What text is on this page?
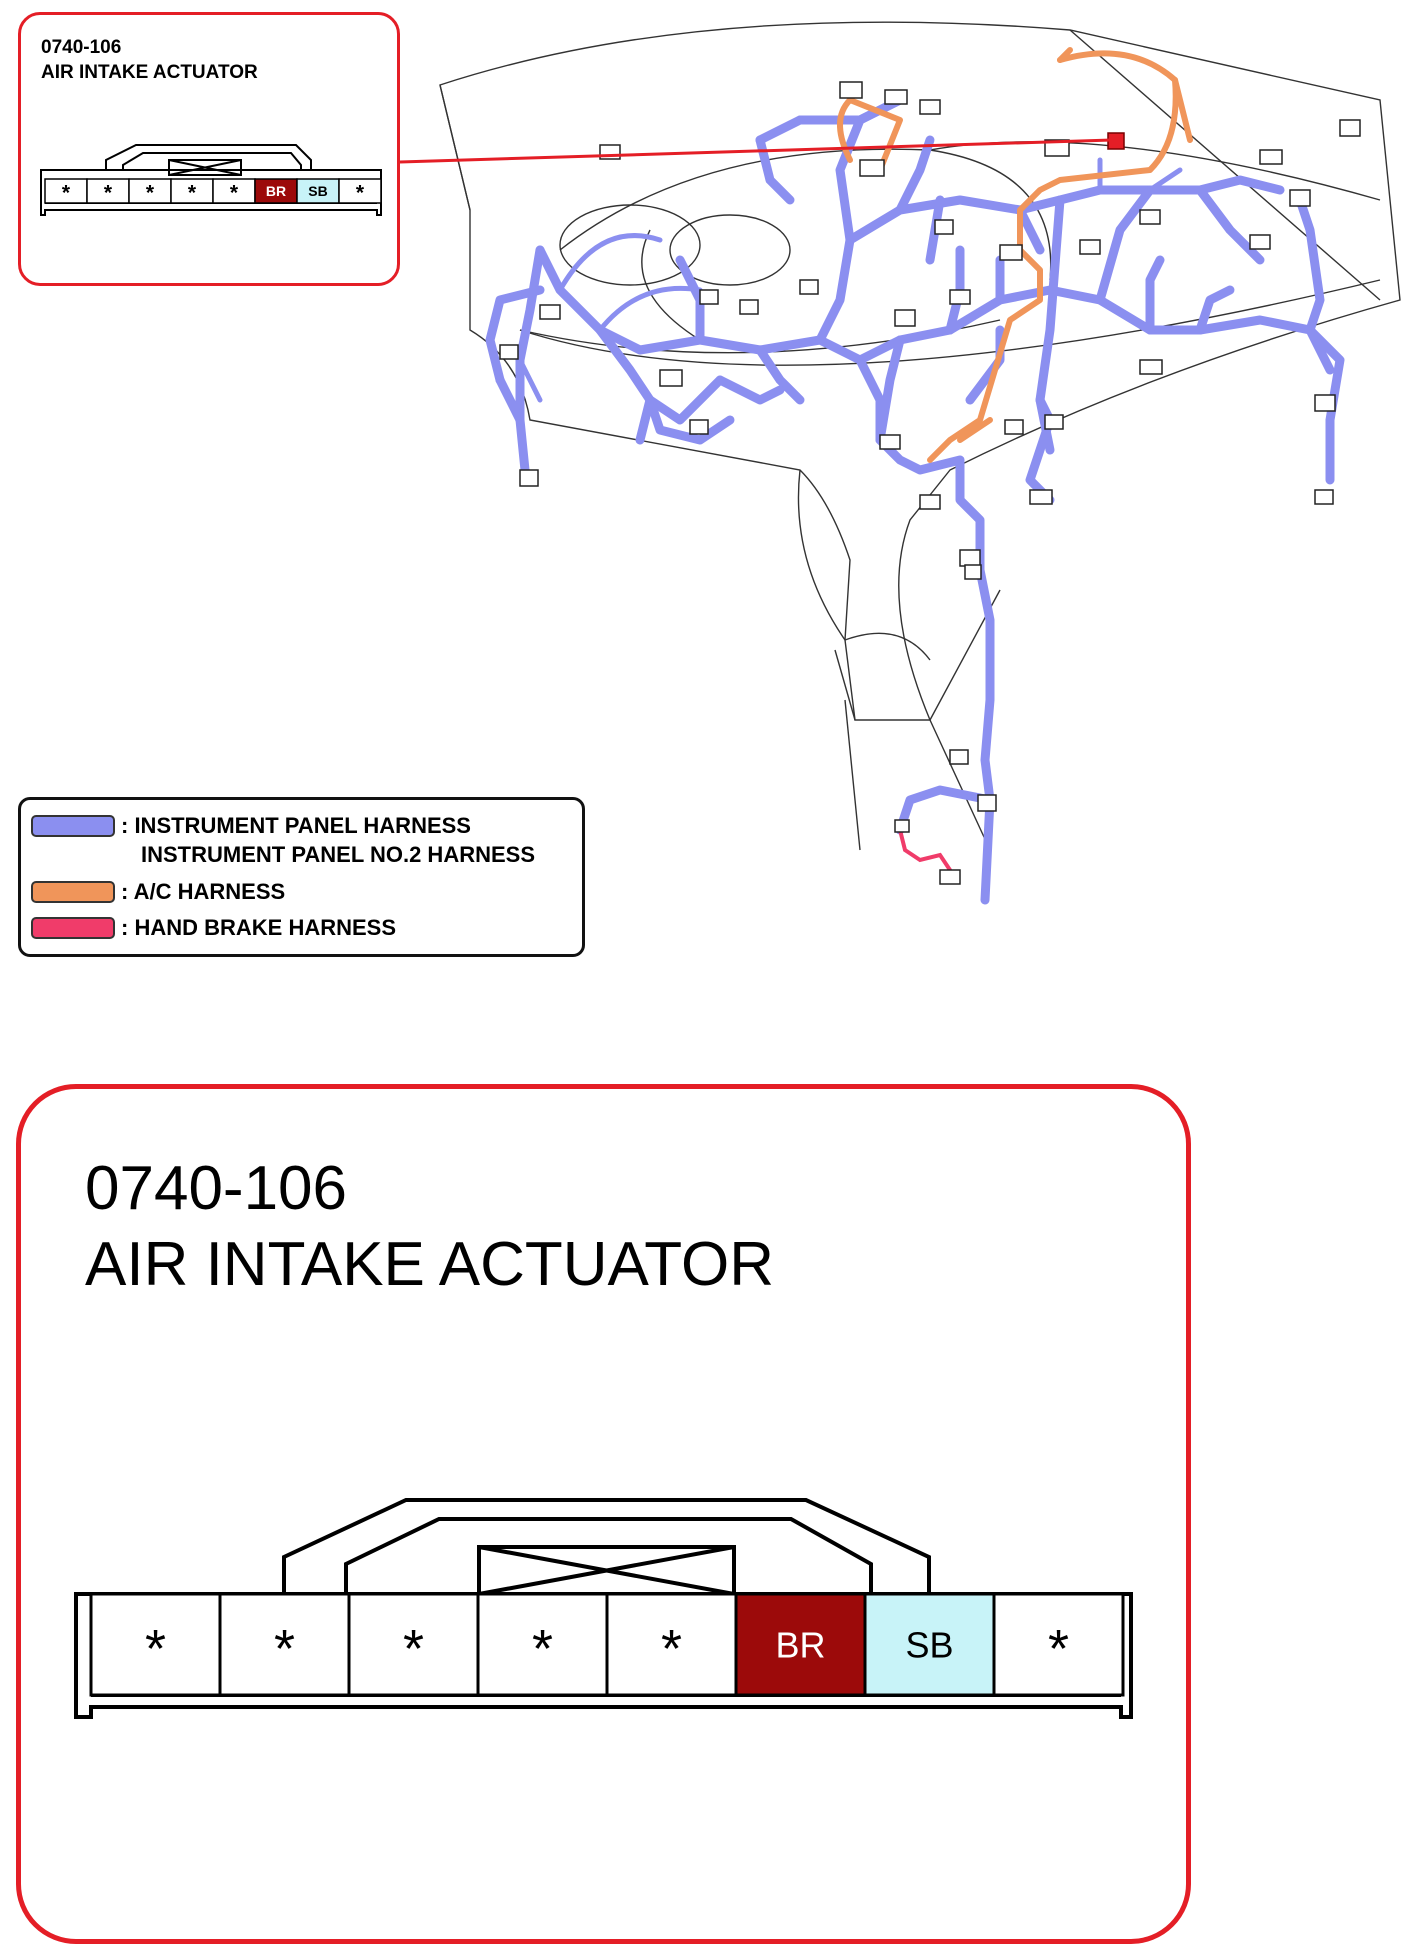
0740-106
AIR INTAKE ACTUATOR
* * * * * BR SB *
: INSTRUMENT PANEL HARNESS
INSTRUMENT PANEL NO.2 HARNESS
: A/C HARNESS
: HAND BRAKE HARNESS
0740-106
AIR INTAKE ACTUATOR
* * * * *	BR SB *
